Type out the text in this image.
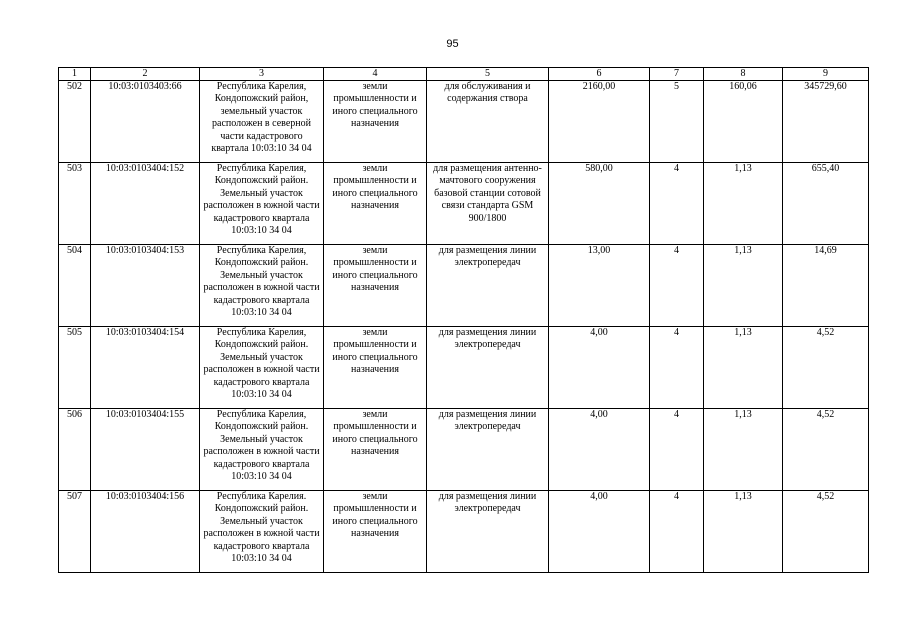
95
1	2	3	4	5	6	7	8	9
502	10:03:0103403:66	Республика Карелия, Кондопожский район, земельный участок расположен в северной части кадастрового квартала 10:03:10 34 04	земли промышленности и иного специального назначения	для обслуживания и содержания створа	2160,00	5	160,06	345729,60
503	10:03:0103404:152	Республика Карелия, Кондопожский район. Земельный участок расположен в южной части кадастрового квартала 10:03:10 34 04	земли промышленности и иного специального назначения	для размещения антенно-мачтового сооружения базовой станции сотовой связи стандарта GSM 900/1800	580,00	4	1,13	655,40
504	10:03:0103404:153	Республика Карелия, Кондопожский район. Земельный участок расположен в южной части кадастрового квартала 10:03:10 34 04	земли промышленности и иного специального назначения	для размещения линии электропередач	13,00	4	1,13	14,69
505	10:03:0103404:154	Республика Карелия, Кондопожский район. Земельный участок расположен в южной части кадастрового квартала 10:03:10 34 04	земли промышленности и иного специального назначения	для размещения линии электропередач	4,00	4	1,13	4,52
506	10:03:0103404:155	Республика Карелия, Кондопожский район. Земельный участок расположен в южной части кадастрового квартала 10:03:10 34 04	земли промышленности и иного специального назначения	для размещения линии электропередач	4,00	4	1,13	4,52
507	10:03:0103404:156	Республика Карелия. Кондопожский район. Земельный участок расположен в южной части кадастрового квартала 10:03:10 34 04	земли промышленности и иного специального назначения	для размещения линии электропередач	4,00	4	1,13	4,52
